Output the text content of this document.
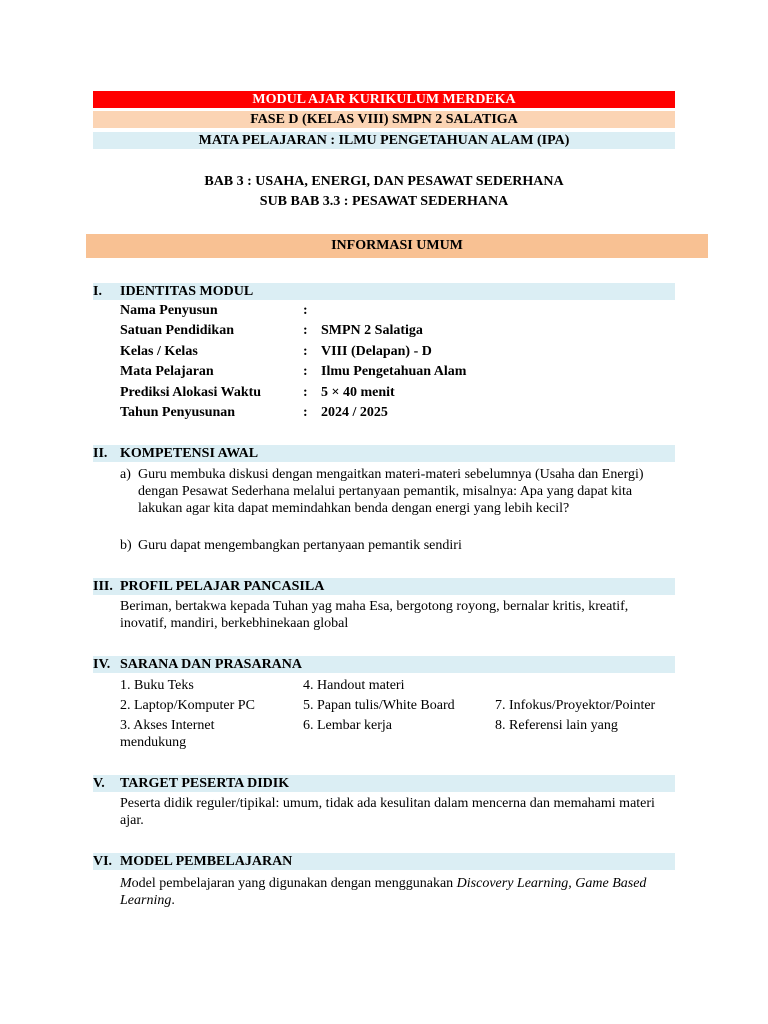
MODUL AJAR KURIKULUM MERDEKA
FASE D (KELAS VIII) SMPN 2 SALATIGA
MATA PELAJARAN : ILMU PENGETAHUAN ALAM (IPA)
BAB 3 : USAHA, ENERGI, DAN PESAWAT SEDERHANA
SUB BAB 3.3 : PESAWAT SEDERHANA
INFORMASI UMUM
I. IDENTITAS MODUL
Nama Penyusun	:
Satuan Pendidikan	: SMPN 2 Salatiga
Kelas / Kelas	: VIII (Delapan) - D
Mata Pelajaran	: Ilmu Pengetahuan Alam
Prediksi Alokasi Waktu	: 5 × 40 menit
Tahun Penyusunan	: 2024 / 2025
II. KOMPETENSI AWAL
a) Guru membuka diskusi dengan mengaitkan materi-materi sebelumnya (Usaha dan Energi) dengan Pesawat Sederhana melalui pertanyaan pemantik, misalnya: Apa yang dapat kita lakukan agar kita dapat memindahkan benda dengan energi yang lebih kecil?
b) Guru dapat mengembangkan pertanyaan pemantik sendiri
III. PROFIL PELAJAR PANCASILA
Beriman, bertakwa kepada Tuhan yag maha Esa, bergotong royong, bernalar kritis, kreatif, inovatif, mandiri, berkebhinekaan global
IV. SARANA DAN PRASARANA
1. Buku Teks	4. Handout materi
2. Laptop/Komputer PC	5. Papan tulis/White Board	7. Infokus/Proyektor/Pointer
3. Akses Internet mendukung
6. Lembar kerja	8. Referensi lain yang
V. TARGET PESERTA DIDIK
Peserta didik reguler/tipikal: umum, tidak ada kesulitan dalam mencerna dan memahami materi ajar.
VI. MODEL PEMBELAJARAN
Model pembelajaran yang digunakan dengan menggunakan Discovery Learning, Game Based Learning.
